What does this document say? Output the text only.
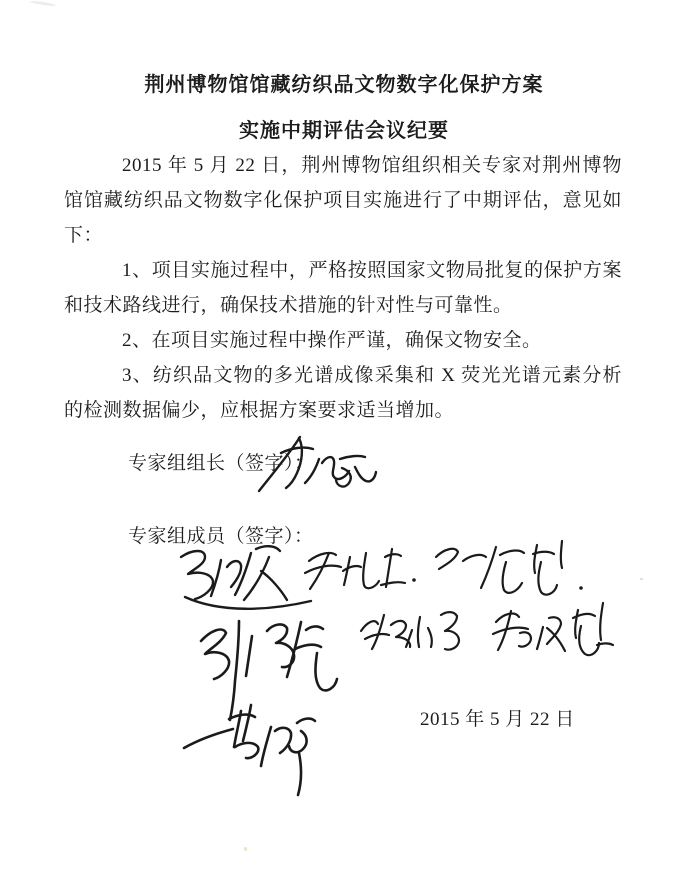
荆州博物馆馆藏纺织品文物数字化保护方案
实施中期评估会议纪要

2015 年 5 月 22 日，荆州博物馆组织相关专家对荆州博物馆馆藏纺织品文物数字化保护项目实施进行了中期评估，意见如下：

1、项目实施过程中，严格按照国家文物局批复的保护方案和技术路线进行，确保技术措施的针对性与可靠性。

2、在项目实施过程中操作严谨，确保文物安全。

3、纺织品文物的多光谱成像采集和 X 荧光光谱元素分析的检测数据偏少，应根据方案要求适当增加。

专家组组长（签字）：
专家组成员（签字）：
2015 年 5 月 22 日
